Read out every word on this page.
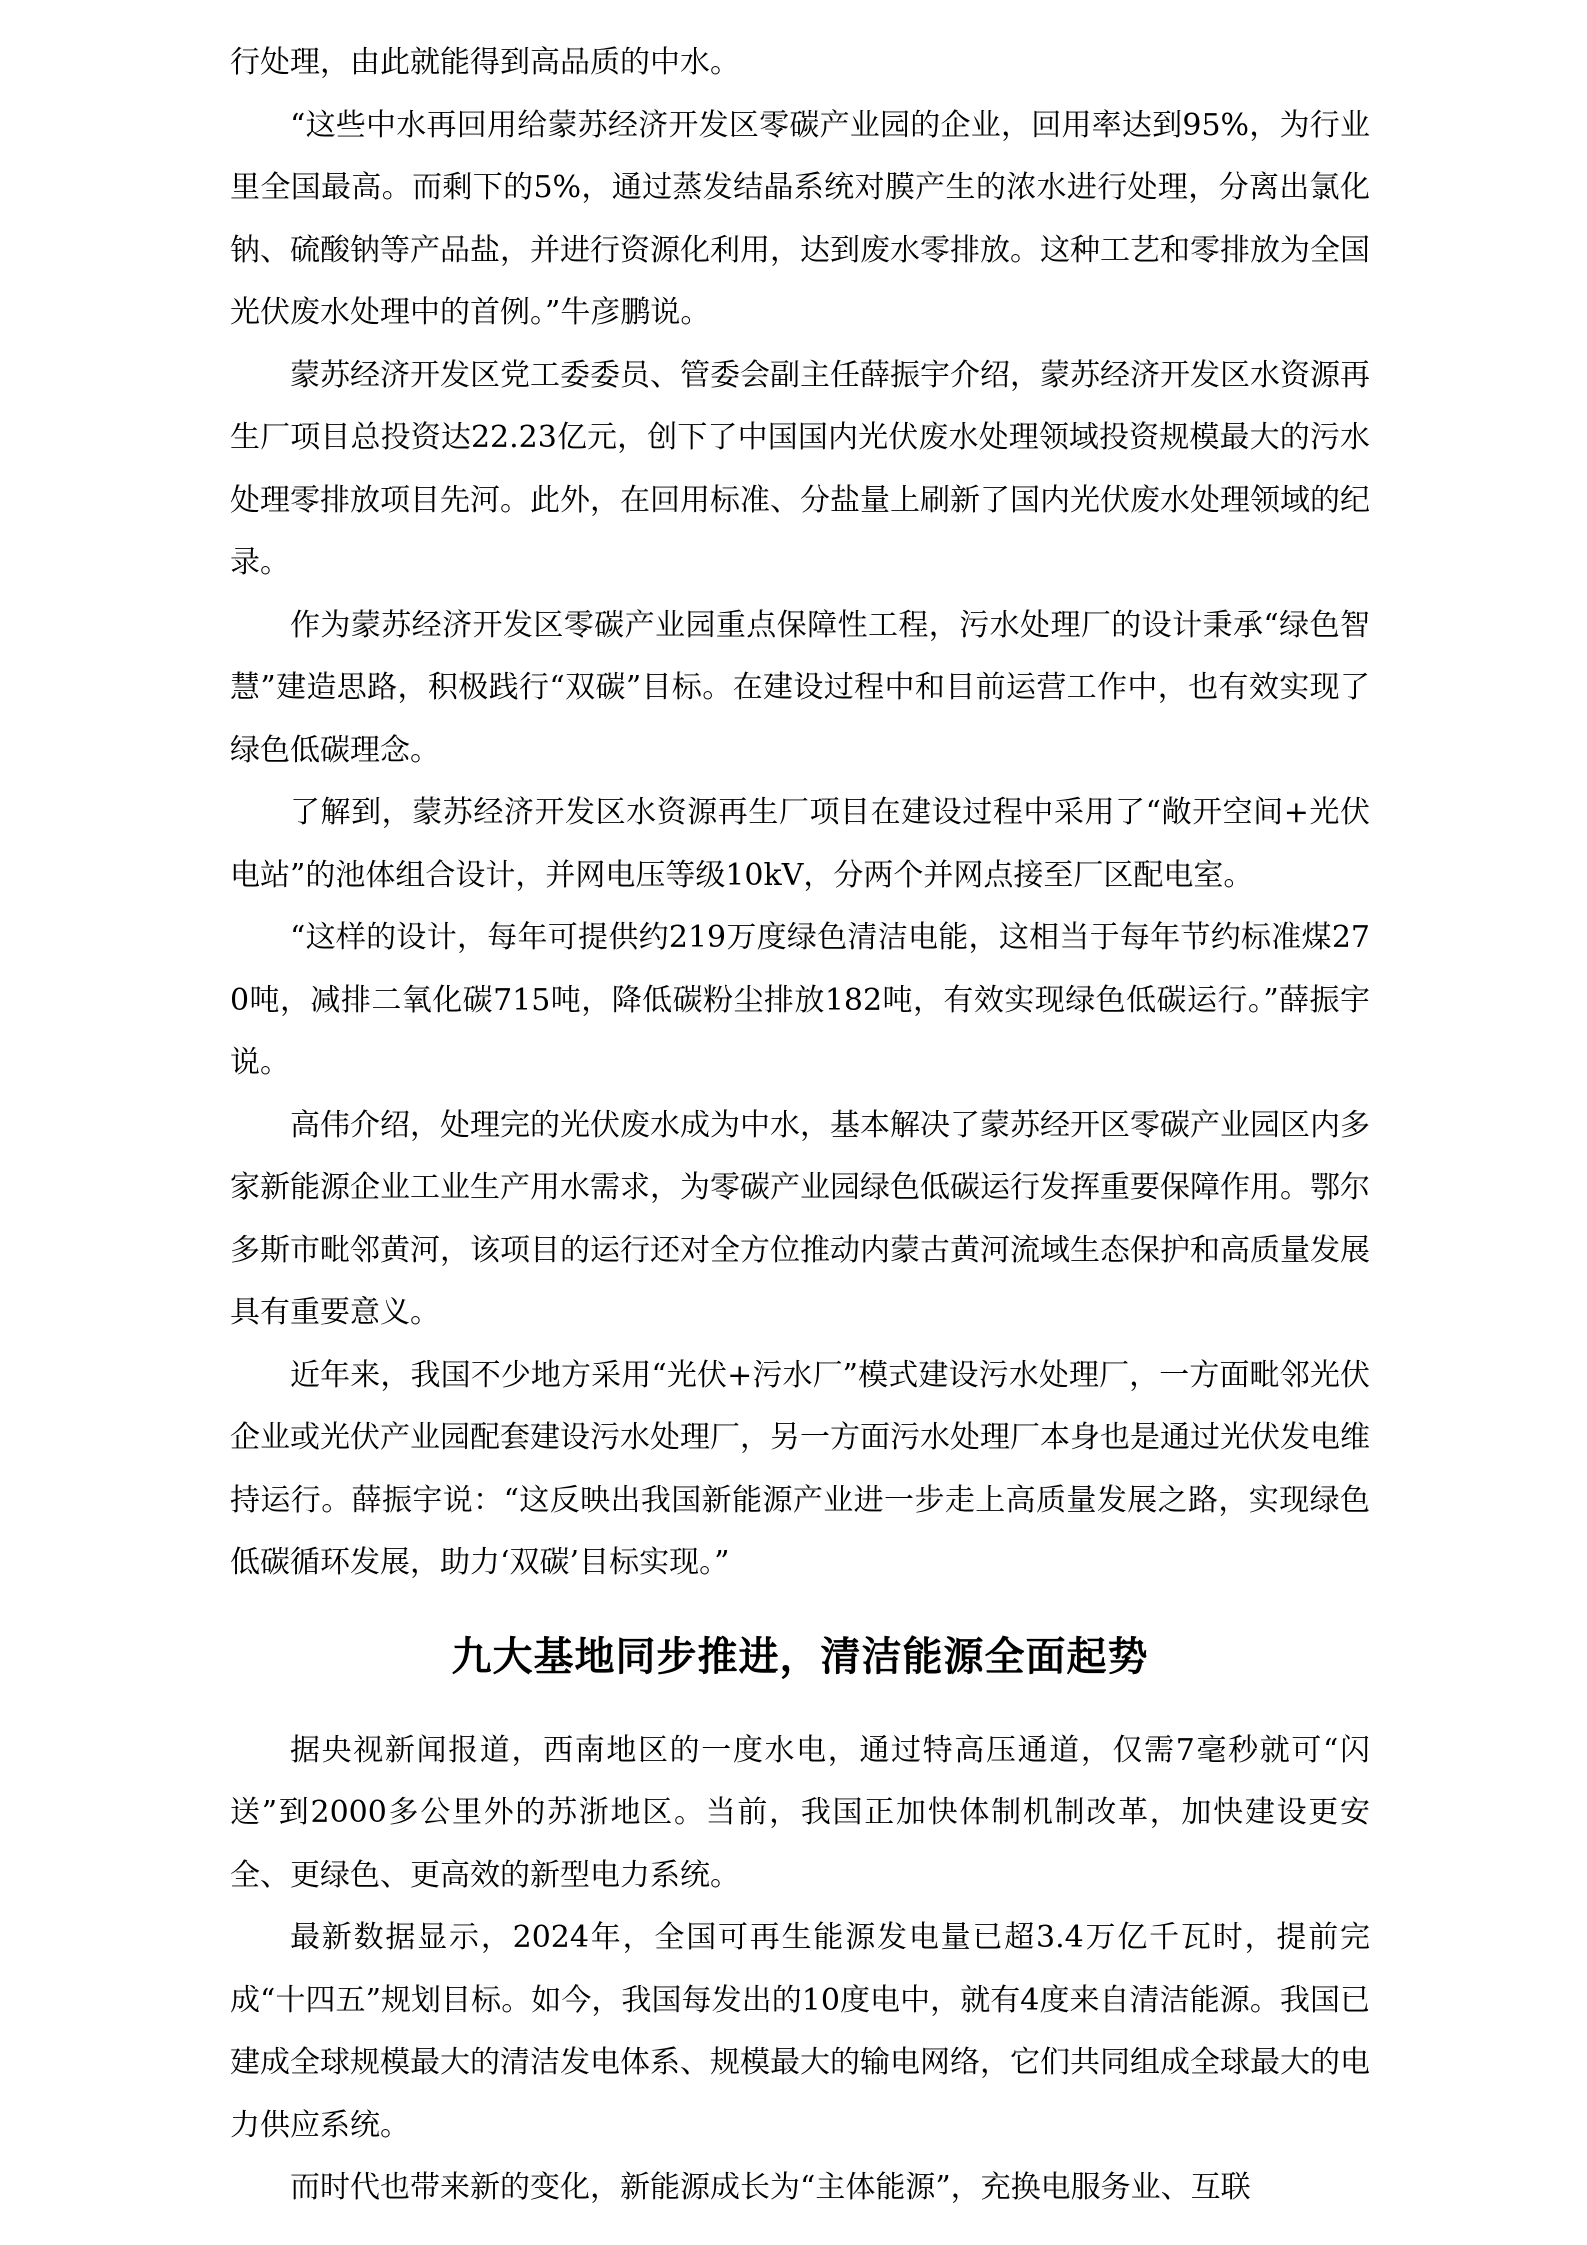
行处理，由此就能得到高品质的中水。

“这些中水再回用给蒙苏经济开发区零碳产业园的企业，回用率达到95%，为行业里全国最高。而剩下的5%，通过蒸发结晶系统对膜产生的浓水进行处理，分离出氯化钠、硫酸钠等产品盐，并进行资源化利用，达到废水零排放。这种工艺和零排放为全国光伏废水处理中的首例。”牛彦鹏说。

蒙苏经济开发区党工委委员、管委会副主任薛振宇介绍，蒙苏经济开发区水资源再生厂项目总投资达22.23亿元，创下了中国国内光伏废水处理领域投资规模最大的污水处理零排放项目先河。此外，在回用标准、分盐量上刷新了国内光伏废水处理领域的纪录。

作为蒙苏经济开发区零碳产业园重点保障性工程，污水处理厂的设计秉承“绿色智慧”建造思路，积极践行“双碳”目标。在建设过程中和目前运营工作中，也有效实现了绿色低碳理念。

了解到，蒙苏经济开发区水资源再生厂项目在建设过程中采用了“敞开空间+光伏电站”的池体组合设计，并网电压等级10kV，分两个并网点接至厂区配电室。

“这样的设计，每年可提供约219万度绿色清洁电能，这相当于每年节约标准煤270吨，减排二氧化碳715吨，降低碳粉尘排放182吨，有效实现绿色低碳运行。”薛振宇说。

高伟介绍，处理完的光伏废水成为中水，基本解决了蒙苏经开区零碳产业园区内多家新能源企业工业生产用水需求，为零碳产业园绿色低碳运行发挥重要保障作用。鄂尔多斯市毗邻黄河，该项目的运行还对全方位推动内蒙古黄河流域生态保护和高质量发展具有重要意义。

近年来，我国不少地方采用“光伏+污水厂”模式建设污水处理厂，一方面毗邻光伏企业或光伏产业园配套建设污水处理厂，另一方面污水处理厂本身也是通过光伏发电维持运行。薛振宇说：“这反映出我国新能源产业进一步走上高质量发展之路，实现绿色低碳循环发展，助力‘双碳’目标实现。”

九大基地同步推进，清洁能源全面起势

据央视新闻报道，西南地区的一度水电，通过特高压通道，仅需7毫秒就可“闪送”到2000多公里外的苏浙地区。当前，我国正加快体制机制改革，加快建设更安全、更绿色、更高效的新型电力系统。

最新数据显示，2024年，全国可再生能源发电量已超3.4万亿千瓦时，提前完成“十四五”规划目标。如今，我国每发出的10度电中，就有4度来自清洁能源。我国已建成全球规模最大的清洁发电体系、规模最大的输电网络，它们共同组成全球最大的电力供应系统。

而时代也带来新的变化，新能源成长为“主体能源”，充换电服务业、互联
